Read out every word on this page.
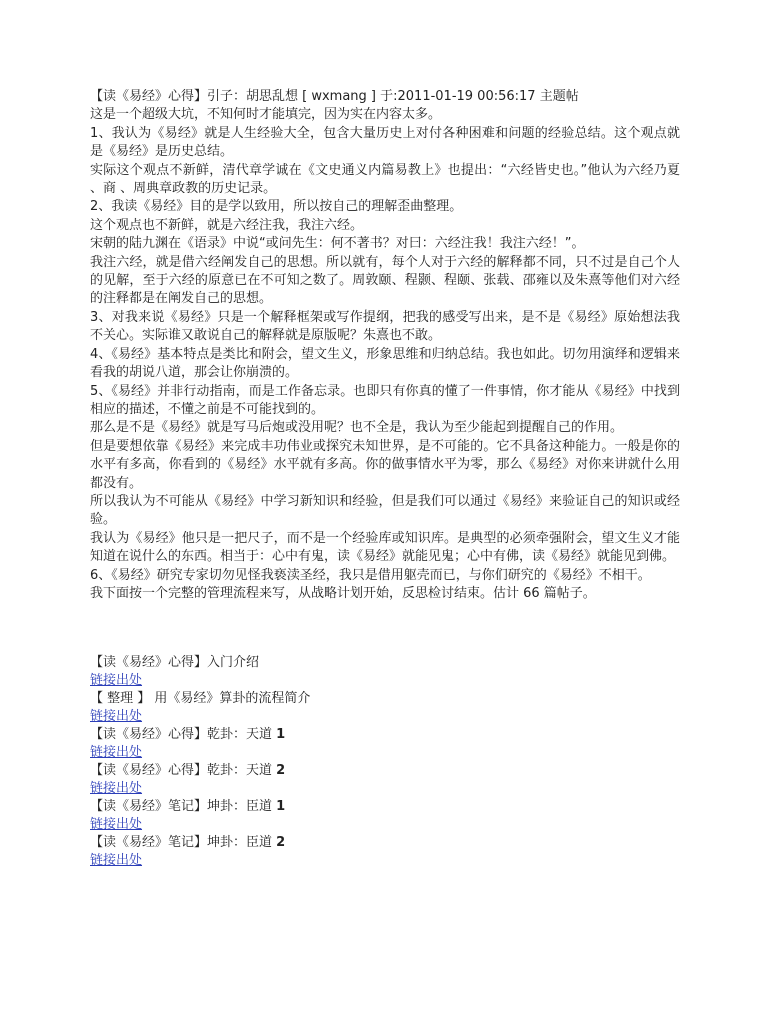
【读《易经》心得】引子：胡思乱想 [ wxmang ] 于:2011-01-19 00:56:17 主题帖

这是一个超级大坑，不知何时才能填完，因为实在内容太多。

1、我认为《易经》就是人生经验大全，包含大量历史上对付各种困难和问题的经验总结。这个观点就是《易经》是历史总结。

实际这个观点不新鲜，清代章学诚在《文史通义内篇易教上》也提出：“六经皆史也。”他认为六经乃夏 、商 、周典章政教的历史记录。

2、我读《易经》目的是学以致用，所以按自己的理解歪曲整理。

这个观点也不新鲜，就是六经注我，我注六经。

宋朝的陆九渊在《语录》中说“或问先生：何不著书？对曰：六经注我！我注六经！”。

我注六经，就是借六经阐发自己的思想。所以就有，每个人对于六经的解释都不同，只不过是自己个人的见解，至于六经的原意已在不可知之数了。周敦颐、程颢、程颐、张载、邵雍以及朱熹等他们对六经的注释都是在阐发自己的思想。

3、对我来说《易经》只是一个解释框架或写作提纲，把我的感受写出来，是不是《易经》原始想法我不关心。实际谁又敢说自己的解释就是原版呢？朱熹也不敢。

4、《易经》基本特点是类比和附会，望文生义，形象思维和归纳总结。我也如此。切勿用演绎和逻辑来看我的胡说八道，那会让你崩溃的。

5、《易经》并非行动指南，而是工作备忘录。也即只有你真的懂了一件事情，你才能从《易经》中找到相应的描述，不懂之前是不可能找到的。

那么是不是《易经》就是写马后炮或没用呢？也不全是，我认为至少能起到提醒自己的作用。

但是要想依靠《易经》来完成丰功伟业或探究未知世界，是不可能的。它不具备这种能力。一般是你的水平有多高，你看到的《易经》水平就有多高。你的做事情水平为零，那么《易经》对你来讲就什么用都没有。

所以我认为不可能从《易经》中学习新知识和经验，但是我们可以通过《易经》来验证自己的知识或经验。

我认为《易经》他只是一把尺子，而不是一个经验库或知识库。是典型的必须牵强附会，望文生义才能知道在说什么的东西。相当于：心中有鬼，读《易经》就能见鬼；心中有佛，读《易经》就能见到佛。

6、《易经》研究专家切勿见怪我亵渎圣经，我只是借用躯壳而已，与你们研究的《易经》不相干。

我下面按一个完整的管理流程来写，从战略计划开始，反思检讨结束。估计 66 篇帖子。

【读《易经》心得】入门介绍

链接出处

【 整理 】 用《易经》算卦的流程简介

链接出处

【读《易经》心得】乾卦：天道 1

链接出处

【读《易经》心得】乾卦：天道 2

链接出处

【读《易经》笔记】坤卦：臣道 1

链接出处

【读《易经》笔记】坤卦：臣道 2

链接出处
